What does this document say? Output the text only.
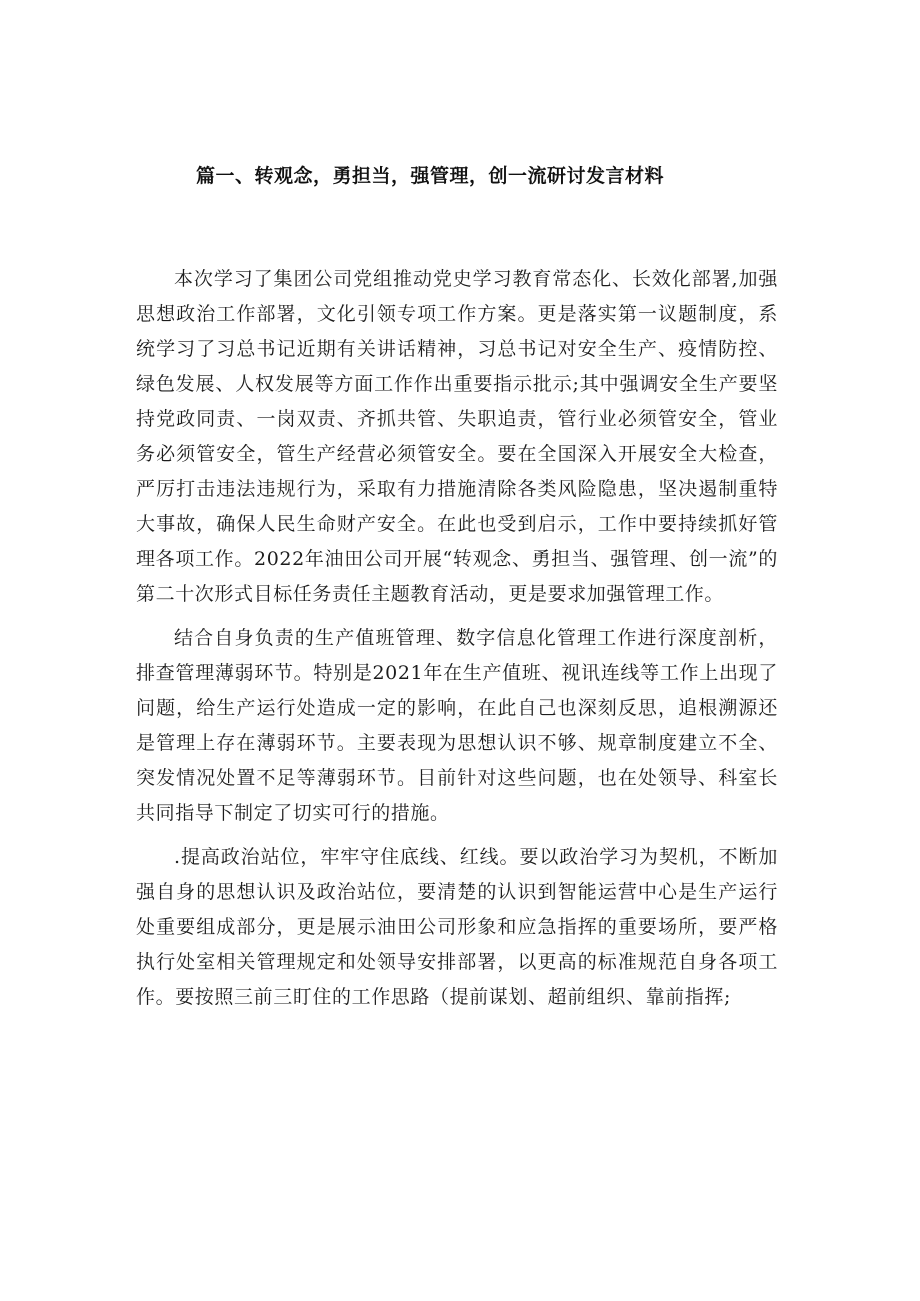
篇一、转观念，勇担当，强管理，创一流研讨发言材料

本次学习了集团公司党组推动党史学习教育常态化、长效化部署,加强思想政治工作部署，文化引领专项工作方案。更是落实第一议题制度，系统学习了习总书记近期有关讲话精神，习总书记对安全生产、疫情防控、绿色发展、人权发展等方面工作作出重要指示批示;其中强调安全生产要坚持党政同责、一岗双责、齐抓共管、失职追责，管行业必须管安全，管业务必须管安全，管生产经营必须管安全。要在全国深入开展安全大检查，严厉打击违法违规行为，采取有力措施清除各类风险隐患，坚决遏制重特大事故，确保人民生命财产安全。在此也受到启示，工作中要持续抓好管理各项工作。2022年油田公司开展“转观念、勇担当、强管理、创一流”的第二十次形式目标任务责任主题教育活动，更是要求加强管理工作。

结合自身负责的生产值班管理、数字信息化管理工作进行深度剖析，排查管理薄弱环节。特别是2021年在生产值班、视讯连线等工作上出现了问题，给生产运行处造成一定的影响，在此自己也深刻反思，追根溯源还是管理上存在薄弱环节。主要表现为思想认识不够、规章制度建立不全、突发情况处置不足等薄弱环节。目前针对这些问题，也在处领导、科室长共同指导下制定了切实可行的措施。

.提高政治站位，牢牢守住底线、红线。要以政治学习为契机，不断加强自身的思想认识及政治站位，要清楚的认识到智能运营中心是生产运行处重要组成部分，更是展示油田公司形象和应急指挥的重要场所，要严格执行处室相关管理规定和处领导安排部署，以更高的标准规范自身各项工作。要按照三前三盯住的工作思路（提前谋划、超前组织、靠前指挥;
